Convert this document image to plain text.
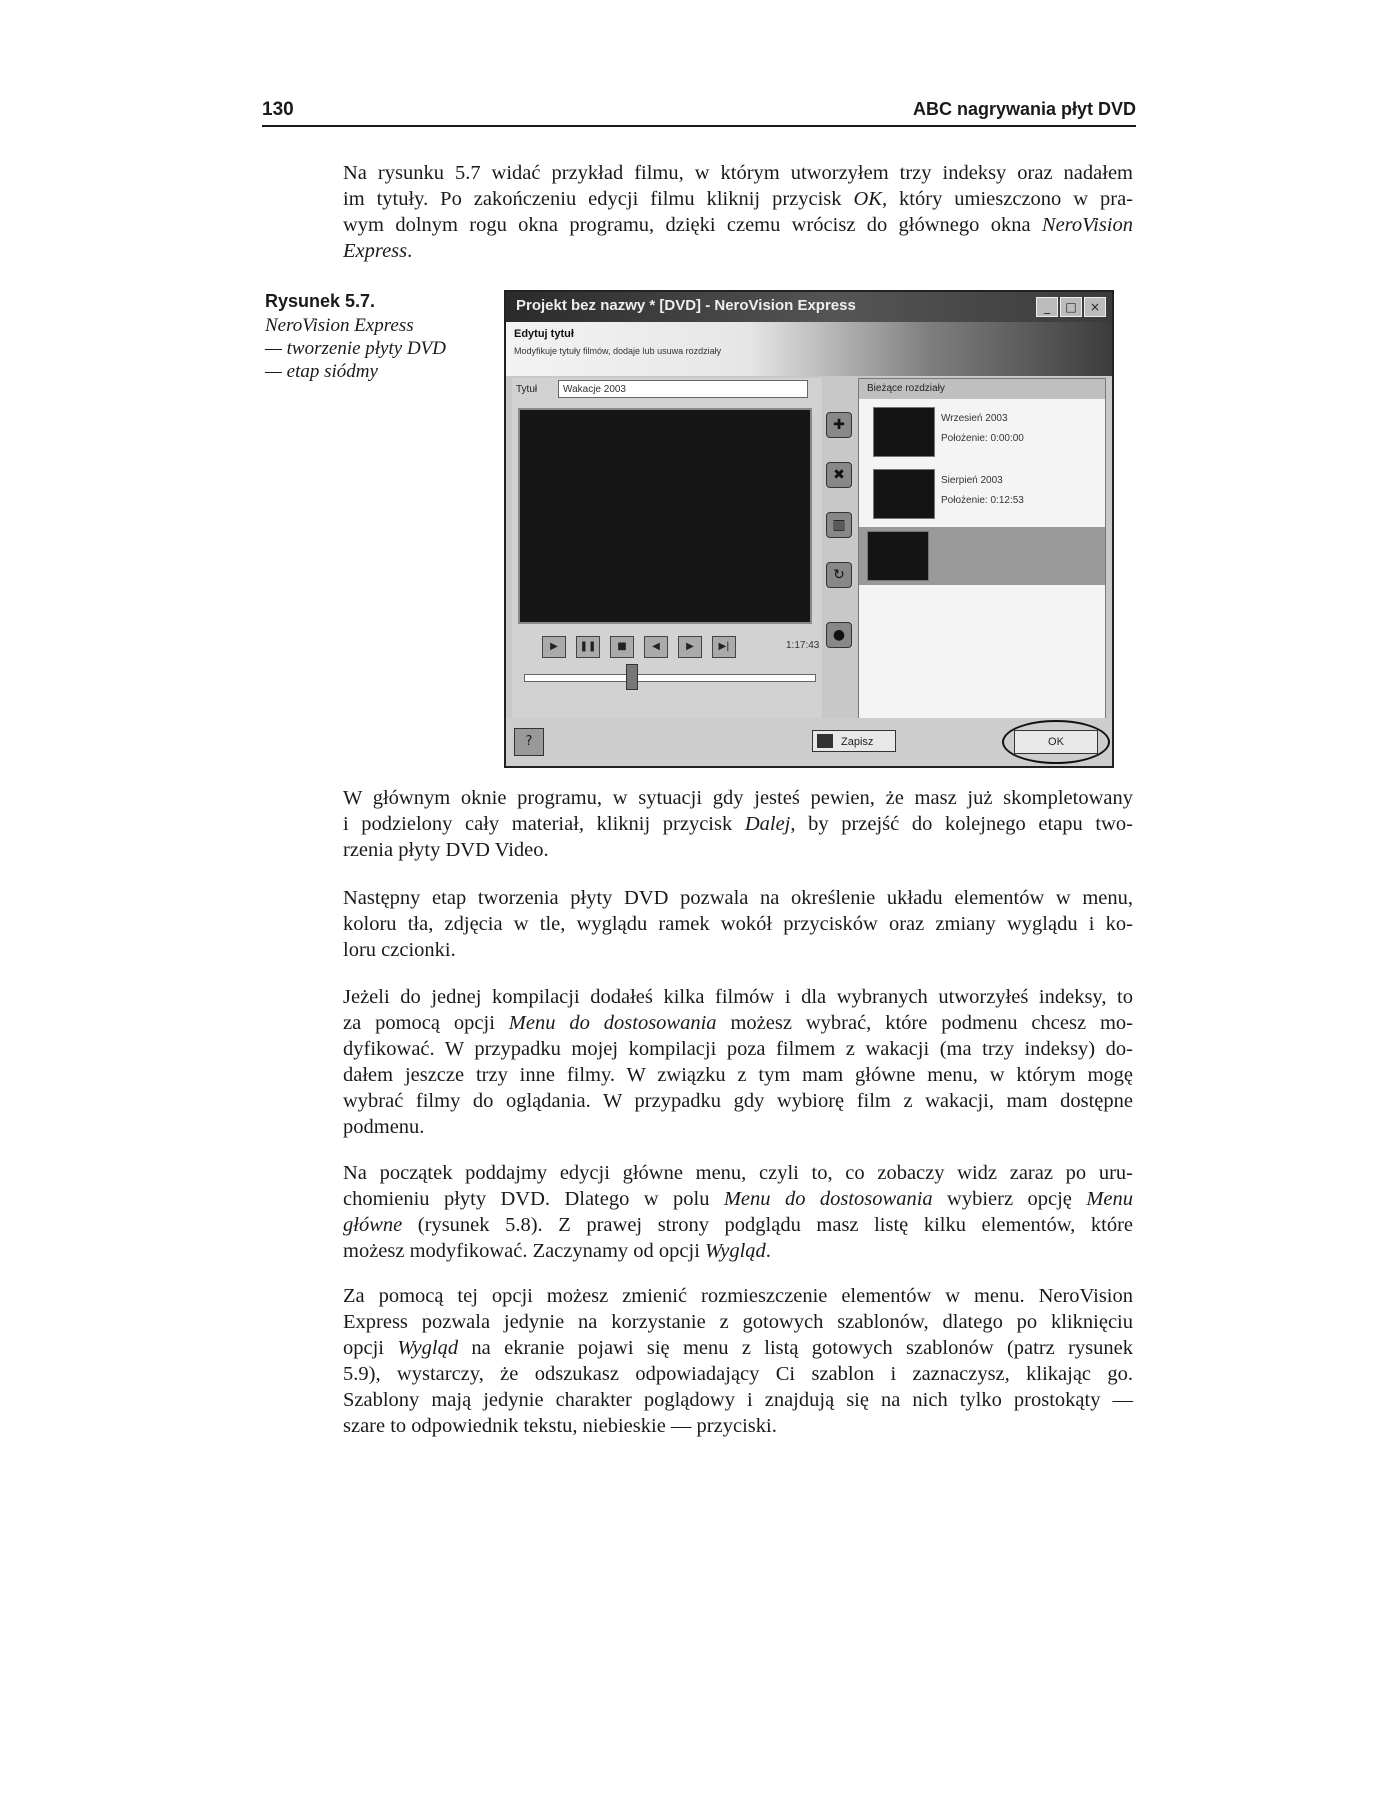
130	ABC nagrywania płyt DVD

Na rysunku 5.7 widać przykład filmu, w którym utworzyłem trzy indeksy oraz nadałem
im tytuły. Po zakończeniu edycji filmu kliknij przycisk OK, który umieszczono w pra-
wym dolnym rogu okna programu, dzięki czemu wrócisz do głównego okna NeroVision
Express.

Rysunek 5.7.
NeroVision Express
— tworzenie płyty DVD
— etap siódmy
Projekt bez nazwy * [DVD] - NeroVision Express	_	□	×
Edytuj tytuł
Modyfikuje tytuły filmów, dodaje lub usuwa rozdziały
Tytuł	Wakacje 2003
▶	❚❚	■	◀	▶	▶|	1:17:43
✚
✖
▥
↻
●
Bieżące rozdziały
Wrzesień 2003
Położenie: 0:00:00
Sierpień 2003
Położenie: 0:12:53
?	Zapisz	OK

W głównym oknie programu, w sytuacji gdy jesteś pewien, że masz już skompletowany
i podzielony cały materiał, kliknij przycisk Dalej, by przejść do kolejnego etapu two-
rzenia płyty DVD Video.

Następny etap tworzenia płyty DVD pozwala na określenie układu elementów w menu,
koloru tła, zdjęcia w tle, wyglądu ramek wokół przycisków oraz zmiany wyglądu i ko-
loru czcionki.

Jeżeli do jednej kompilacji dodałeś kilka filmów i dla wybranych utworzyłeś indeksy, to
za pomocą opcji Menu do dostosowania możesz wybrać, które podmenu chcesz mo-
dyfikować. W przypadku mojej kompilacji poza filmem z wakacji (ma trzy indeksy) do-
dałem jeszcze trzy inne filmy. W związku z tym mam główne menu, w którym mogę
wybrać filmy do oglądania. W przypadku gdy wybiorę film z wakacji, mam dostępne
podmenu.

Na początek poddajmy edycji główne menu, czyli to, co zobaczy widz zaraz po uru-
chomieniu płyty DVD. Dlatego w polu Menu do dostosowania wybierz opcję Menu
główne (rysunek 5.8). Z prawej strony podglądu masz listę kilku elementów, które
możesz modyfikować. Zaczynamy od opcji Wygląd.

Za pomocą tej opcji możesz zmienić rozmieszczenie elementów w menu. NeroVision
Express pozwala jedynie na korzystanie z gotowych szablonów, dlatego po kliknięciu
opcji Wygląd na ekranie pojawi się menu z listą gotowych szablonów (patrz rysunek
5.9), wystarczy, że odszukasz odpowiadający Ci szablon i zaznaczysz, klikając go.
Szablony mają jedynie charakter poglądowy i znajdują się na nich tylko prostokąty —
szare to odpowiednik tekstu, niebieskie — przyciski.
